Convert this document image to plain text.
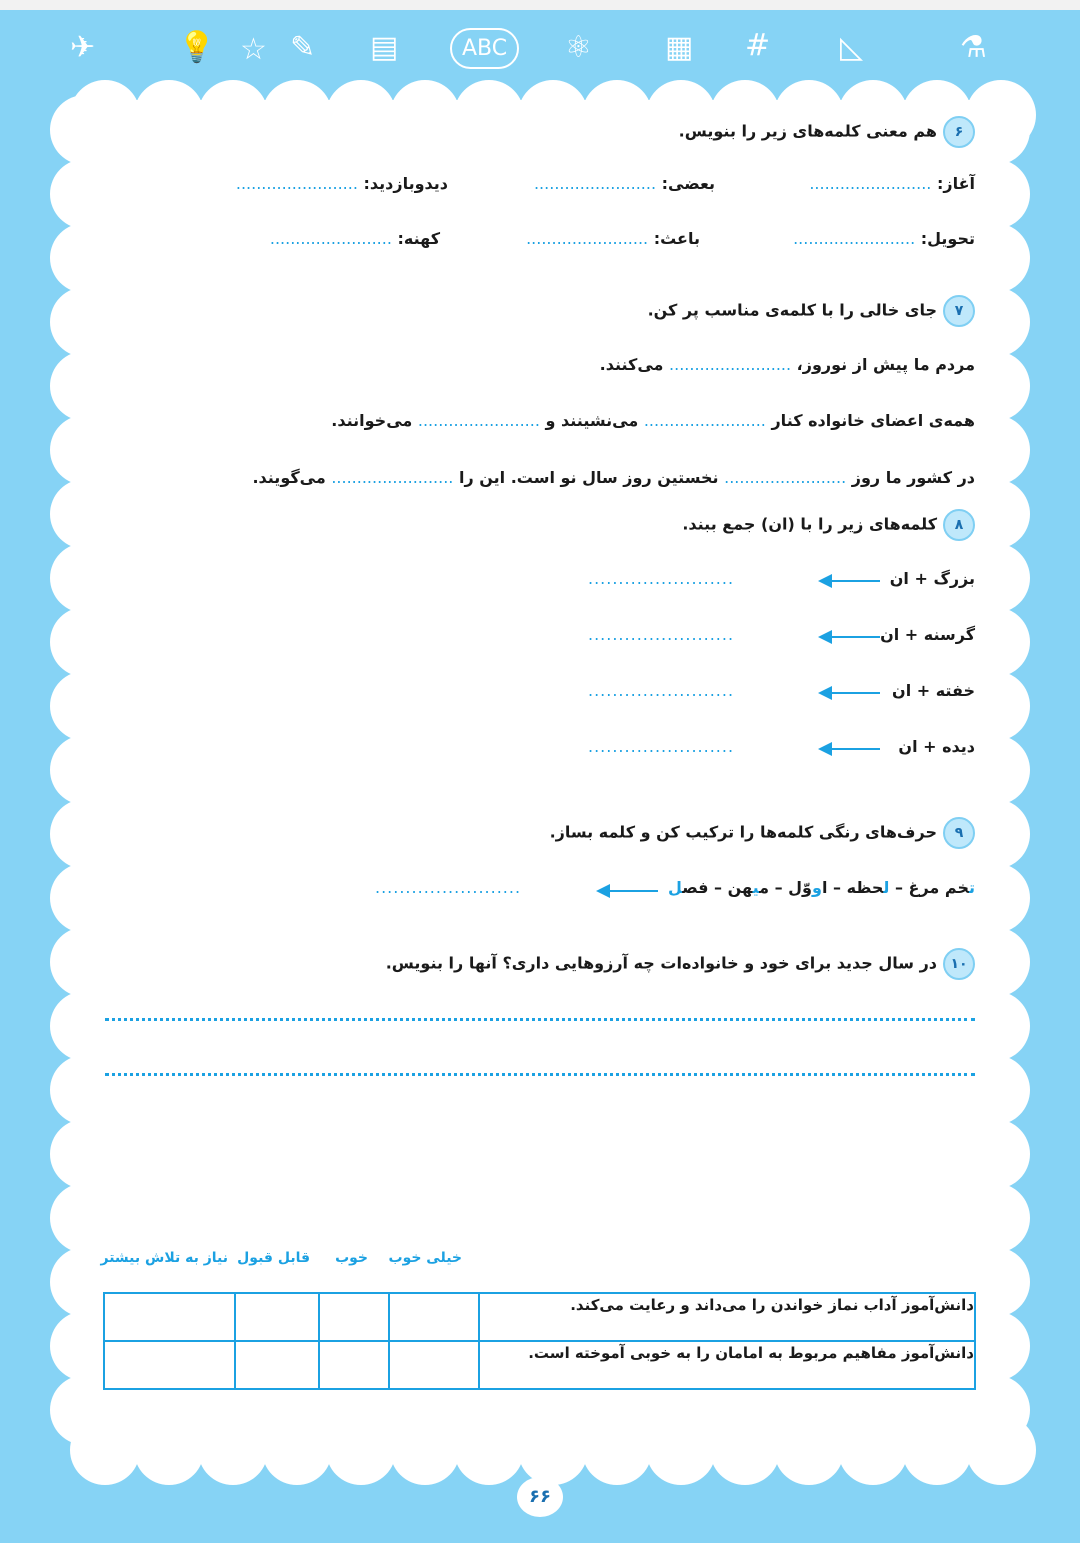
✈	💡 ☆ ✎ ▤	ABC	⚛ ▦ # ◺	⚗
۶هم معنی کلمه‌های زیر را بنویس.
آغاز: ........................
بعضی: ........................
دیدوبازدید: ........................
تحویل: ........................
باعث: ........................
کهنه: ........................
۷جای خالی را با کلمه‌ی مناسب پر کن.
مردم ما پیش از نوروز، ........................ می‌کنند.
همه‌ی اعضای خانواده کنار ........................ می‌نشینند و ........................ می‌خوانند.
در کشور ما روز ........................ نخستین روز سال نو است. این را ........................ می‌گویند.
۸کلمه‌های زیر را با (ان) جمع ببند.
بزرگ + ان
........................
گرسنه + ان
........................
خفته + ان
........................
دیده + ان
........................
۹حرف‌های رنگی کلمه‌ها را ترکیب کن و کلمه بساز.
تخم مرغ – لحظه – اووّل – میهن – فصل
........................
۱۰در سال جدید برای خود و خانواده‌ات چه آرزوهایی داری؟ آنها را بنویس.
خیلی خوب
خوب
قابل قبول
نیاز به تلاش بیشتر
				دانش‌آموز آداب نماز خواندن را می‌داند و رعایت می‌کند.
				دانش‌آموز مفاهیم مربوط به امامان را به خوبی آموخته است.
۶۶
